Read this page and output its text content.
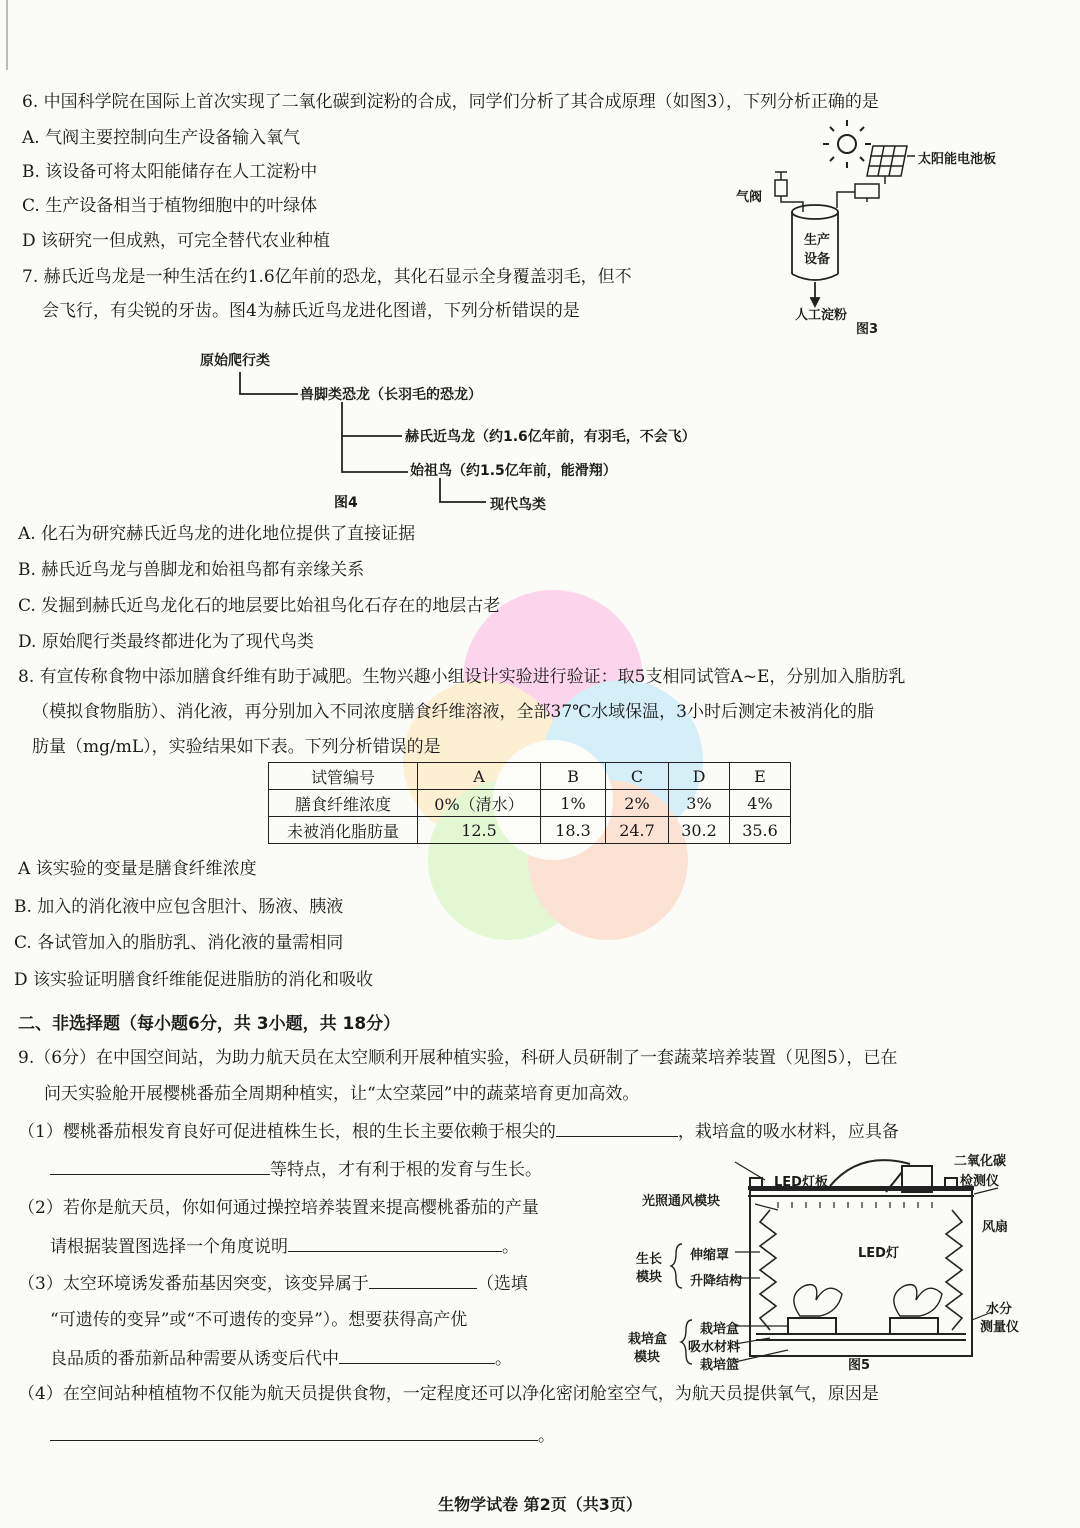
6. 中国科学院在国际上首次实现了二氧化碳到淀粉的合成，同学们分析了其合成原理（如图3），下列分析正确的是
A. 气阀主要控制向生产设备输入氧气
B. 该设备可将太阳能储存在人工淀粉中
C. 生产设备相当于植物细胞中的叶绿体
D 该研究一但成熟，可完全替代农业种植
太阳能电池板
气阀
生产
设备
人工淀粉
图3
7. 赫氏近鸟龙是一种生活在约1.6亿年前的恐龙，其化石显示全身覆盖羽毛，但不
会飞行，有尖锐的牙齿。图4为赫氏近鸟龙进化图谱，下列分析错误的是
原始爬行类
兽脚类恐龙（长羽毛的恐龙）
赫氏近鸟龙（约1.6亿年前，有羽毛，不会飞）
始祖鸟（约1.5亿年前，能滑翔）
现代鸟类
图4
A. 化石为研究赫氏近鸟龙的进化地位提供了直接证据
B. 赫氏近鸟龙与兽脚龙和始祖鸟都有亲缘关系
C. 发掘到赫氏近鸟龙化石的地层要比始祖鸟化石存在的地层古老
D. 原始爬行类最终都进化为了现代鸟类
8. 有宣传称食物中添加膳食纤维有助于减肥。生物兴趣小组设计实验进行验证：取5支相同试管A~E，分别加入脂肪乳
（模拟食物脂肪）、消化液，再分别加入不同浓度膳食纤维溶液，全部37℃水域保温，3小时后测定未被消化的脂
肪量（mg/mL），实验结果如下表。下列分析错误的是
试管编号	A	B	C	D	E
膳食纤维浓度	0%（清水）	1%	2%	3%	4%
未被消化脂肪量	12.5	18.3	24.7	30.2	35.6
A 该实验的变量是膳食纤维浓度
B. 加入的消化液中应包含胆汁、肠液、胰液
C. 各试管加入的脂肪乳、消化液的量需相同
D 该实验证明膳食纤维能促进脂肪的消化和吸收
二、非选择题（每小题6分，共 3小题，共 18分）
9.（6分）在中国空间站，为助力航天员在太空顺利开展种植实验，科研人员研制了一套蔬菜培养装置（见图5），已在
问天实验舱开展樱桃番茄全周期种植实，让“太空菜园”中的蔬菜培育更加高效。
（1）樱桃番茄根发育良好可促进植株生长，根的生长主要依赖于根尖的	，栽培盒的吸水材料，应具备
等特点，才有利于根的发育与生长。
（2）若你是航天员，你如何通过操控培养装置来提高樱桃番茄的产量
请根据装置图选择一个角度说明	。
（3）太空环境诱发番茄基因突变，该变异属于	（选填
“可遗传的变异”或“不可遗传的变异”）。想要获得高产优
良品质的番茄新品种需要从诱变后代中	。
（4）在空间站种植植物不仅能为航天员提供食物，一定程度还可以净化密闭舱室空气，为航天员提供氧气，原因是
。
二氧化碳
检测仪
LED灯板
光照通风模块
风扇
生长
模块
伸缩罩
升降结构
LED灯
水分
测量仪
栽培盒
模块
栽培盒
吸水材料
栽培篮	图5
生物学试卷 第2页（共3页）
